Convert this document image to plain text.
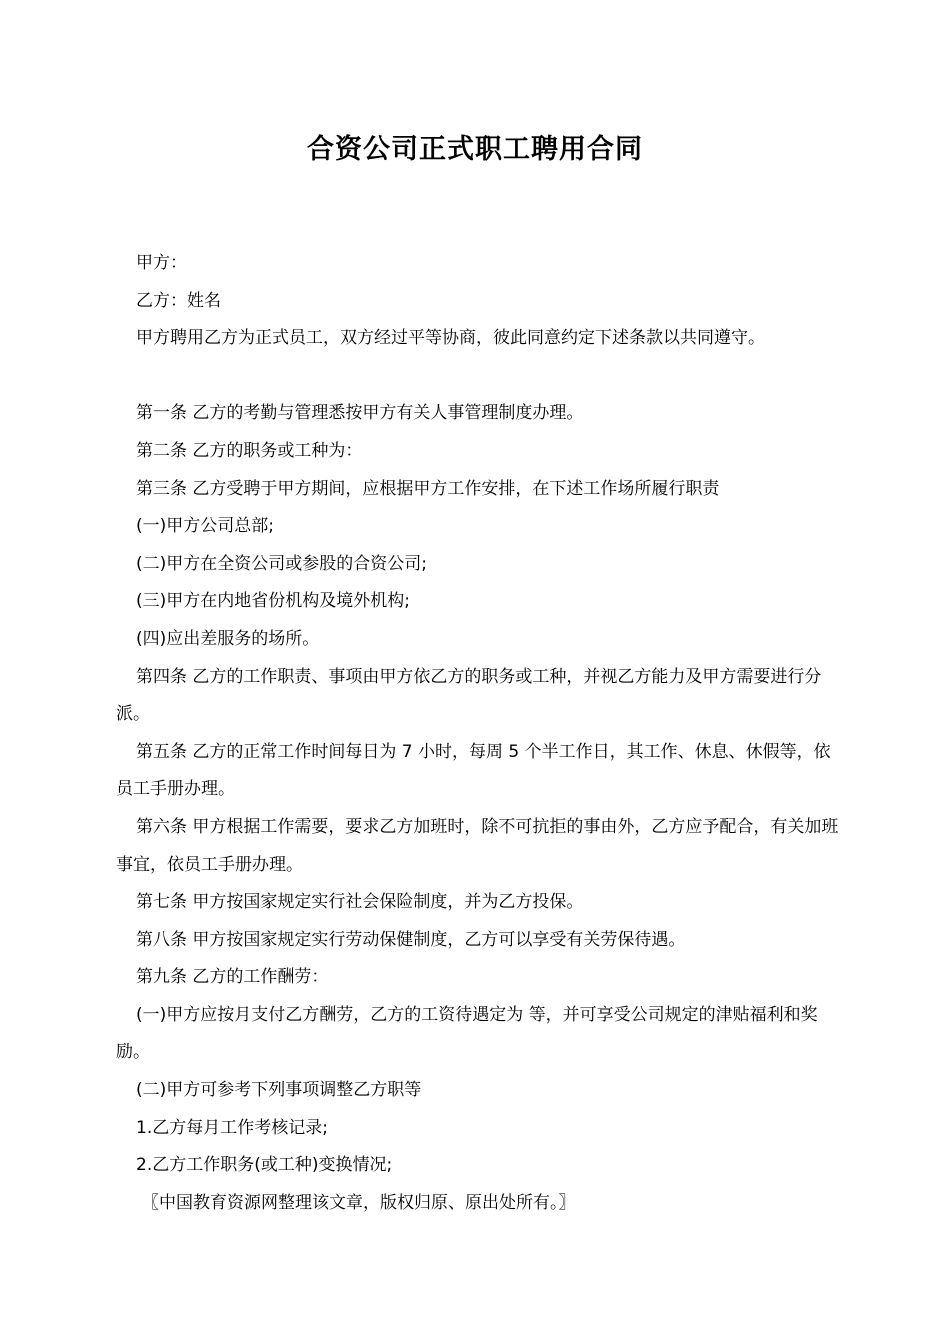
合资公司正式职工聘用合同

甲方：

乙方：姓名

甲方聘用乙方为正式员工，双方经过平等协商，彼此同意约定下述条款以共同遵守。

第一条 乙方的考勤与管理悉按甲方有关人事管理制度办理。

第二条 乙方的职务或工种为：

第三条 乙方受聘于甲方期间，应根据甲方工作安排，在下述工作场所履行职责

(一)甲方公司总部;

(二)甲方在全资公司或参股的合资公司;

(三)甲方在内地省份机构及境外机构;

(四)应出差服务的场所。

第四条 乙方的工作职责、事项由甲方依乙方的职务或工种，并视乙方能力及甲方需要进行分派。

第五条 乙方的正常工作时间每日为 7 小时，每周 5 个半工作日，其工作、休息、休假等，依员工手册办理。

第六条 甲方根据工作需要，要求乙方加班时，除不可抗拒的事由外，乙方应予配合，有关加班事宜，依员工手册办理。

第七条 甲方按国家规定实行社会保险制度，并为乙方投保。

第八条 甲方按国家规定实行劳动保健制度，乙方可以享受有关劳保待遇。

第九条 乙方的工作酬劳：

(一)甲方应按月支付乙方酬劳，乙方的工资待遇定为 等，并可享受公司规定的津贴福利和奖励。

(二)甲方可参考下列事项调整乙方职等

1.乙方每月工作考核记录;

2.乙方工作职务(或工种)变换情况;

〖中国教育资源网整理该文章，版权归原、原出处所有。〗
